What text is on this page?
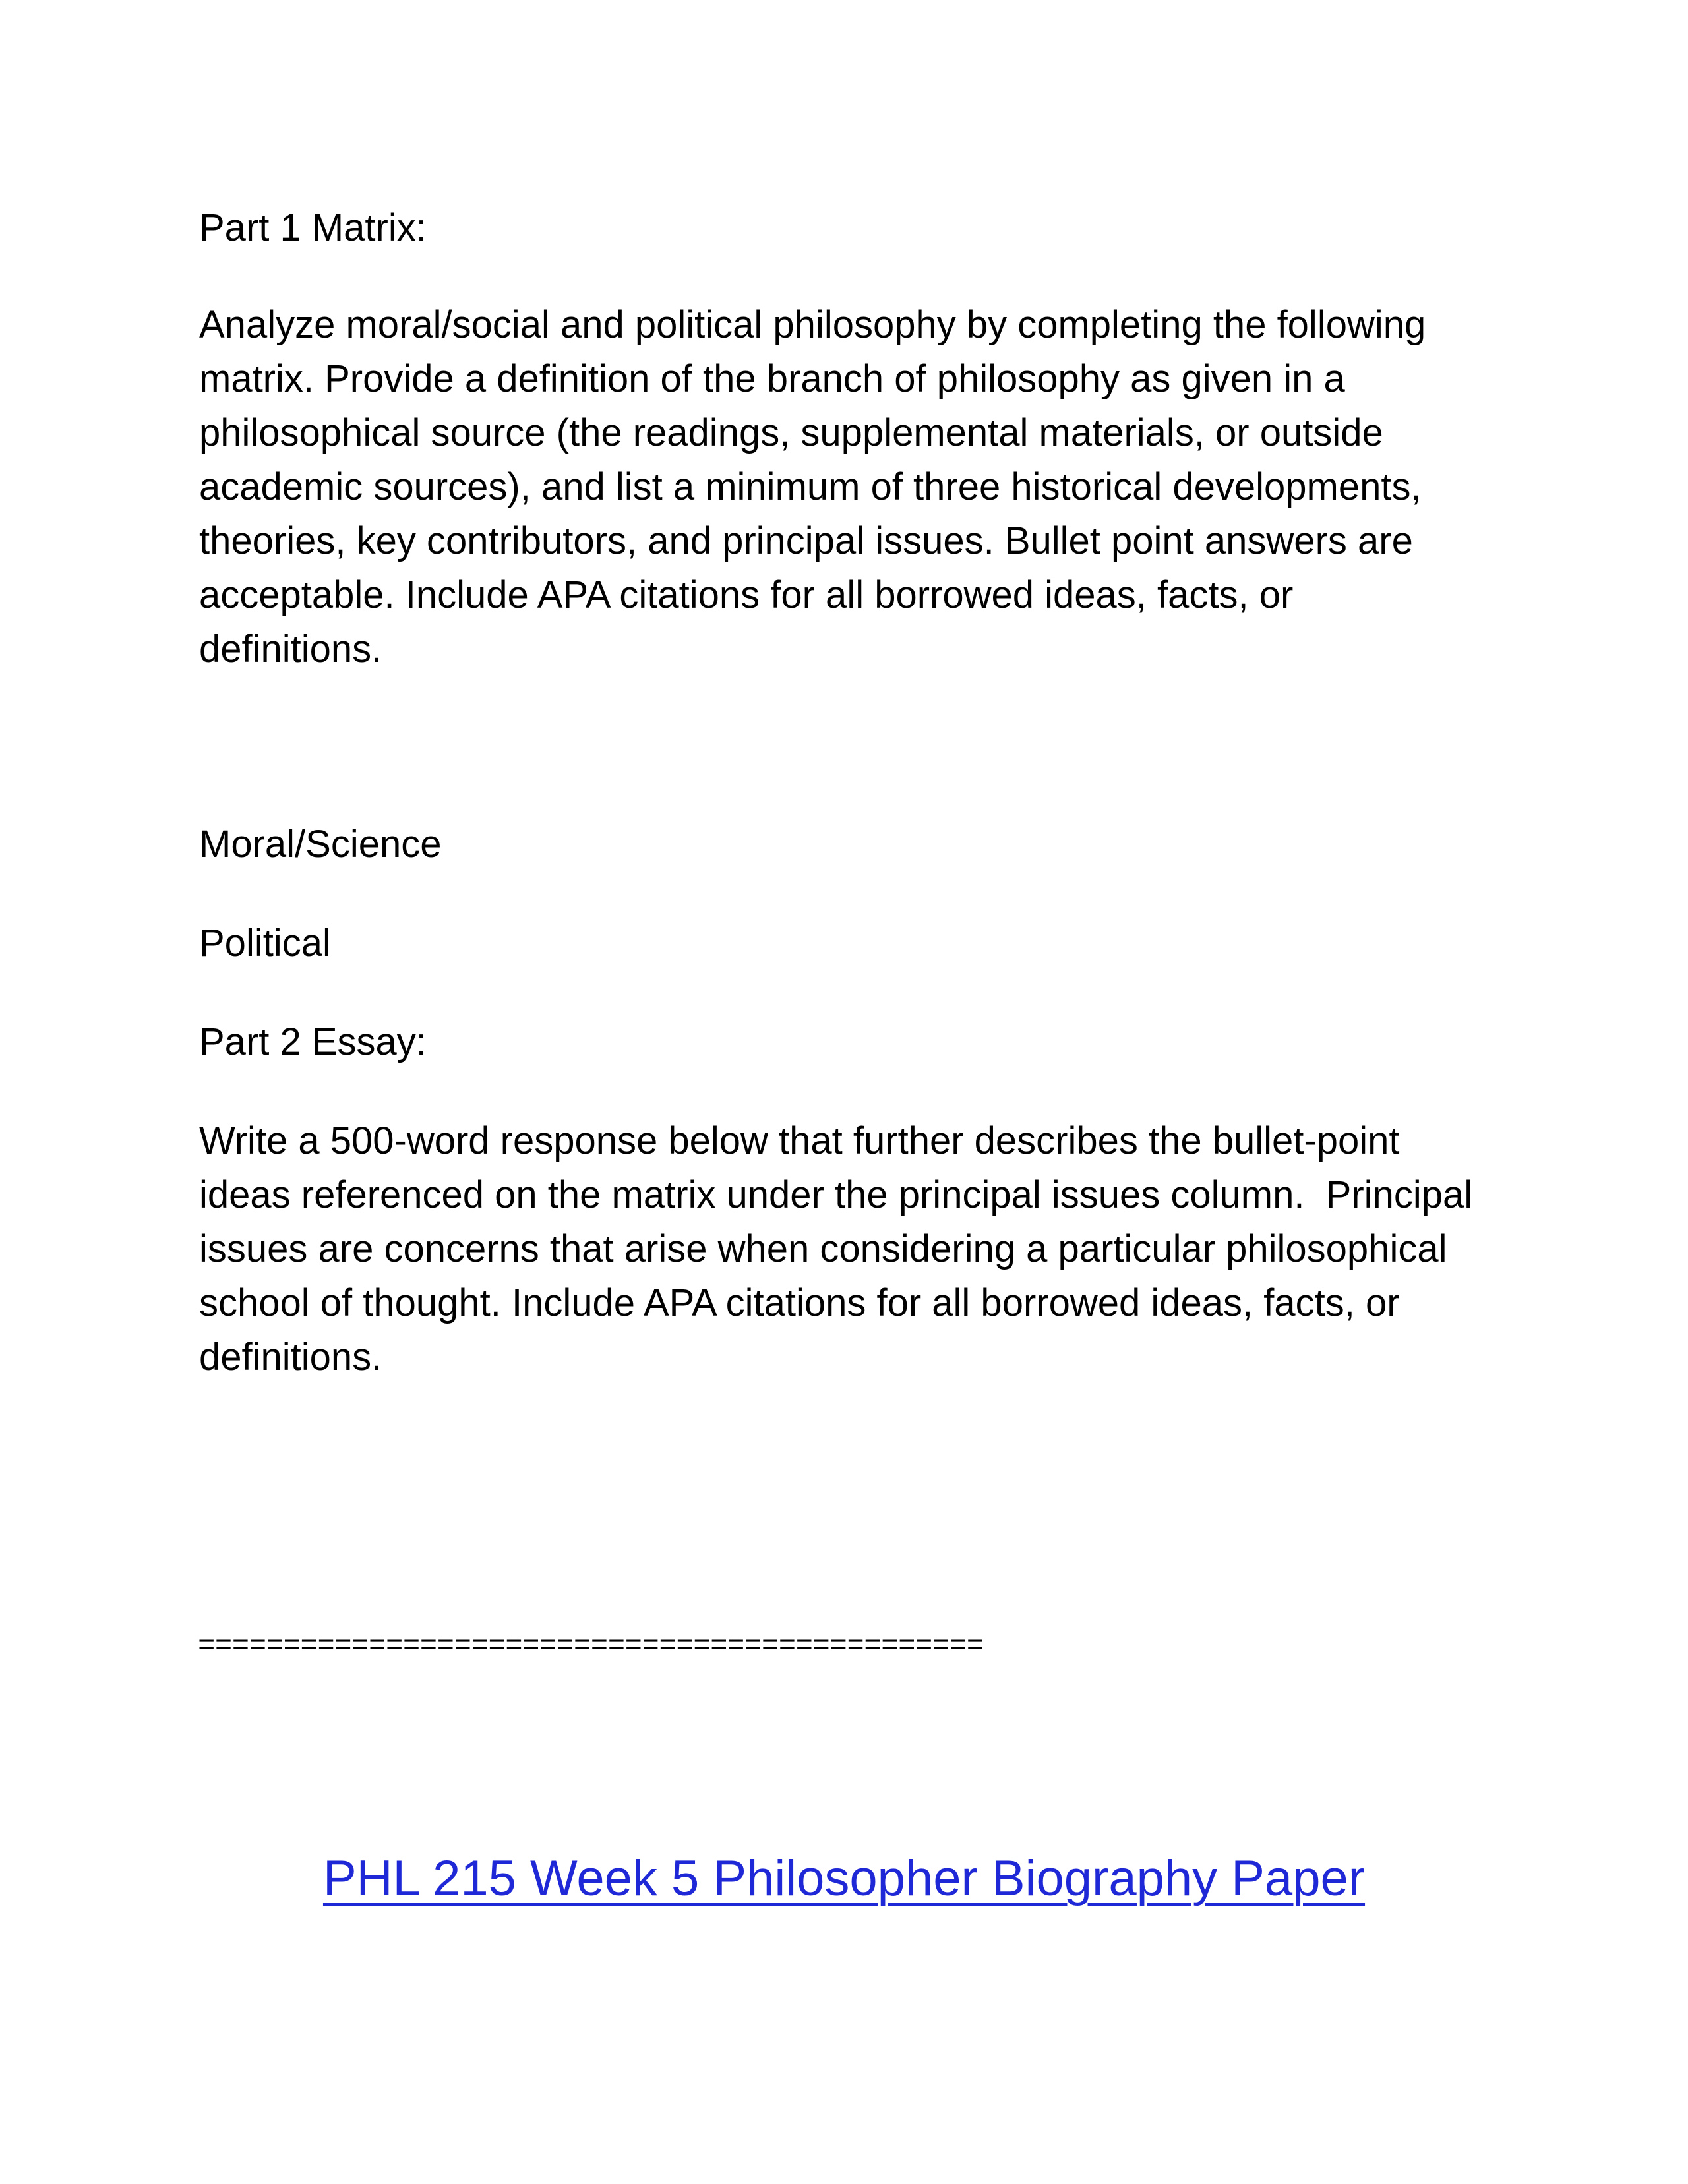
Part 1 Matrix:

Analyze moral/social and political philosophy by completing the following matrix. Provide a definition of the branch of philosophy as given in a philosophical source (the readings, supplemental materials, or outside academic sources), and list a minimum of three historical developments, theories, key contributors, and principal issues. Bullet point answers are acceptable. Include APA citations for all borrowed ideas, facts, or definitions.

Moral/Science

Political

Part 2 Essay:

Write a 500-word response below that further describes the bullet-point ideas referenced on the matrix under the principal issues column.  Principal issues are concerns that arise when considering a particular philosophical school of thought. Include APA citations for all borrowed ideas, facts, or definitions.

==============================================

PHL 215 Week 5 Philosopher Biography Paper
